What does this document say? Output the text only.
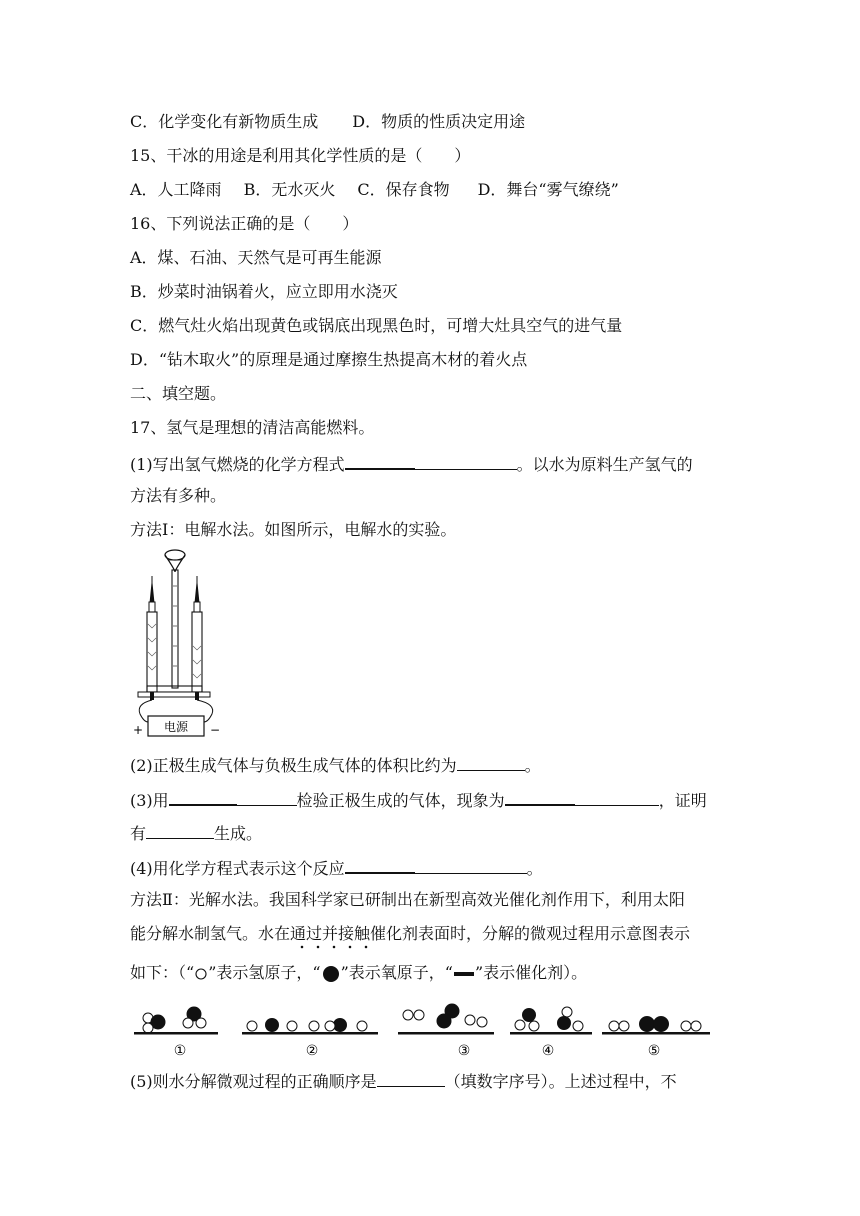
C．化学变化有新物质生成 D．物质的性质决定用途
15、干冰的用途是利用其化学性质的是（　　）
A．人工降雨 B．无水灭火 C．保存食物 D．舞台“雾气缭绕”
16、下列说法正确的是（　　）
A．煤、石油、天然气是可再生能源
B．炒菜时油锅着火，应立即用水浇灭
C．燃气灶火焰出现黄色或锅底出现黑色时，可增大灶具空气的进气量
D．“钻木取火”的原理是通过摩擦生热提高木材的着火点
二、填空题。
17、氢气是理想的清洁高能燃料。
(1)写出氢气燃烧的化学方程式	。以水为原料生产氢气的
方法有多种。
方法Ⅰ：电解水法。如图所示，电解水的实验。
电源
+	−
(2)正极生成气体与负极生成气体的体积比约为	。
(3)用	检验正极生成的气体，现象为	，证明
有	生成。
(4)用化学方程式表示这个反应	。
方法Ⅱ：光解水法。我国科学家已研制出在新型高效光催化剂作用下，利用太阳
能分解水制氢气。水在通过并接触催化剂表面时，分解的微观过程用示意图表示
如下：（“ ”表示氢原子，“ ”表示氧原子，“ ”表示催化剂）。
①	②	③	④	⑤
(5)则水分解微观过程的正确顺序是	（填数字序号）。上述过程中，不
